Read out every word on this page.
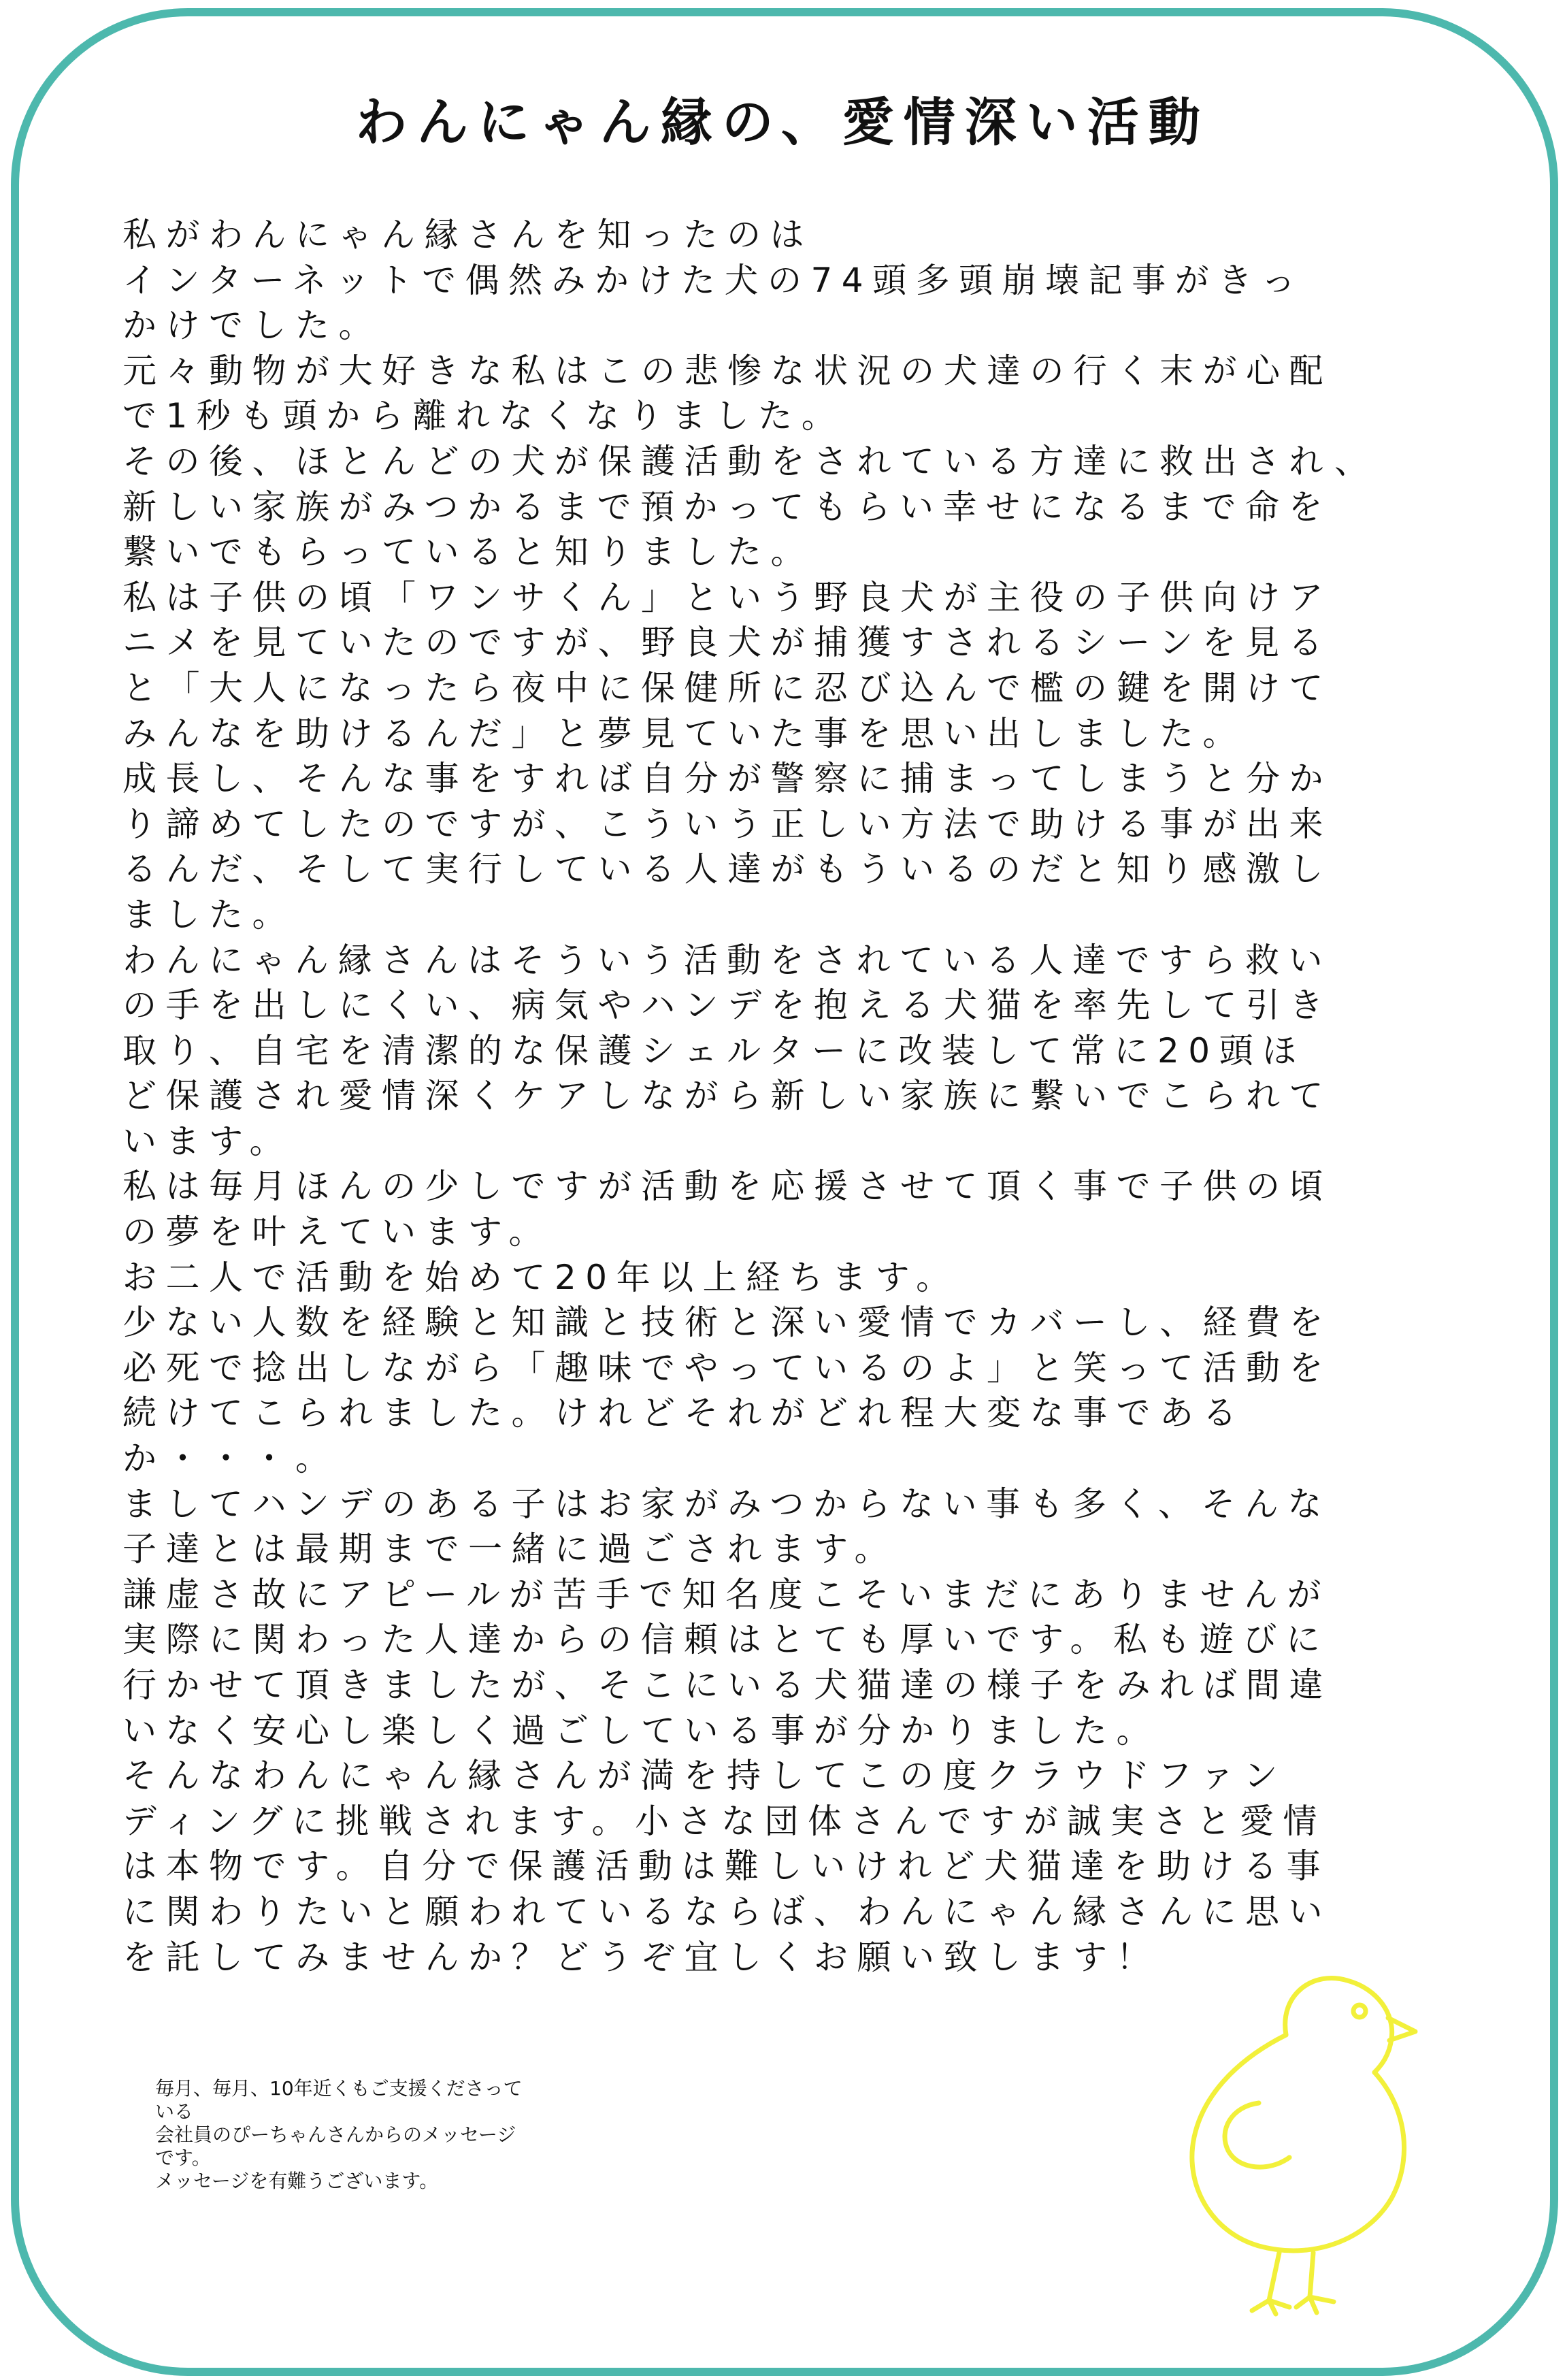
わんにゃん縁の、愛情深い活動
私がわんにゃん縁さんを知ったのは
インターネットで偶然みかけた犬の74頭多頭崩壊記事がきっ
かけでした。
元々動物が大好きな私はこの悲惨な状況の犬達の行く末が心配
で1秒も頭から離れなくなりました。
その後、ほとんどの犬が保護活動をされている方達に救出され、
新しい家族がみつかるまで預かってもらい幸せになるまで命を
繋いでもらっていると知りました。
私は子供の頃「ワンサくん」という野良犬が主役の子供向けア
ニメを見ていたのですが、野良犬が捕獲すされるシーンを見る
と「大人になったら夜中に保健所に忍び込んで檻の鍵を開けて
みんなを助けるんだ」と夢見ていた事を思い出しました。
成長し、そんな事をすれば自分が警察に捕まってしまうと分か
り諦めてしたのですが、こういう正しい方法で助ける事が出来
るんだ、そして実行している人達がもういるのだと知り感激し
ました。
わんにゃん縁さんはそういう活動をされている人達ですら救い
の手を出しにくい、病気やハンデを抱える犬猫を率先して引き
取り、自宅を清潔的な保護シェルターに改装して常に20頭ほ
ど保護され愛情深くケアしながら新しい家族に繋いでこられて
います。
私は毎月ほんの少しですが活動を応援させて頂く事で子供の頃
の夢を叶えています。
お二人で活動を始めて20年以上経ちます。
少ない人数を経験と知識と技術と深い愛情でカバーし、経費を
必死で捻出しながら「趣味でやっているのよ」と笑って活動を
続けてこられました。けれどそれがどれ程大変な事である
か・・・。
ましてハンデのある子はお家がみつからない事も多く、そんな
子達とは最期まで一緒に過ごされます。
謙虚さ故にアピールが苦手で知名度こそいまだにありませんが
実際に関わった人達からの信頼はとても厚いです。私も遊びに
行かせて頂きましたが、そこにいる犬猫達の様子をみれば間違
いなく安心し楽しく過ごしている事が分かりました。
そんなわんにゃん縁さんが満を持してこの度クラウドファン
ディングに挑戦されます。小さな団体さんですが誠実さと愛情
は本物です。自分で保護活動は難しいけれど犬猫達を助ける事
に関わりたいと願われているならば、わんにゃん縁さんに思い
を託してみませんか？どうぞ宜しくお願い致します！
毎月、毎月、10年近くもご支援くださって
いる
会社員のぴーちゃんさんからのメッセージ
です。
メッセージを有難うございます。
